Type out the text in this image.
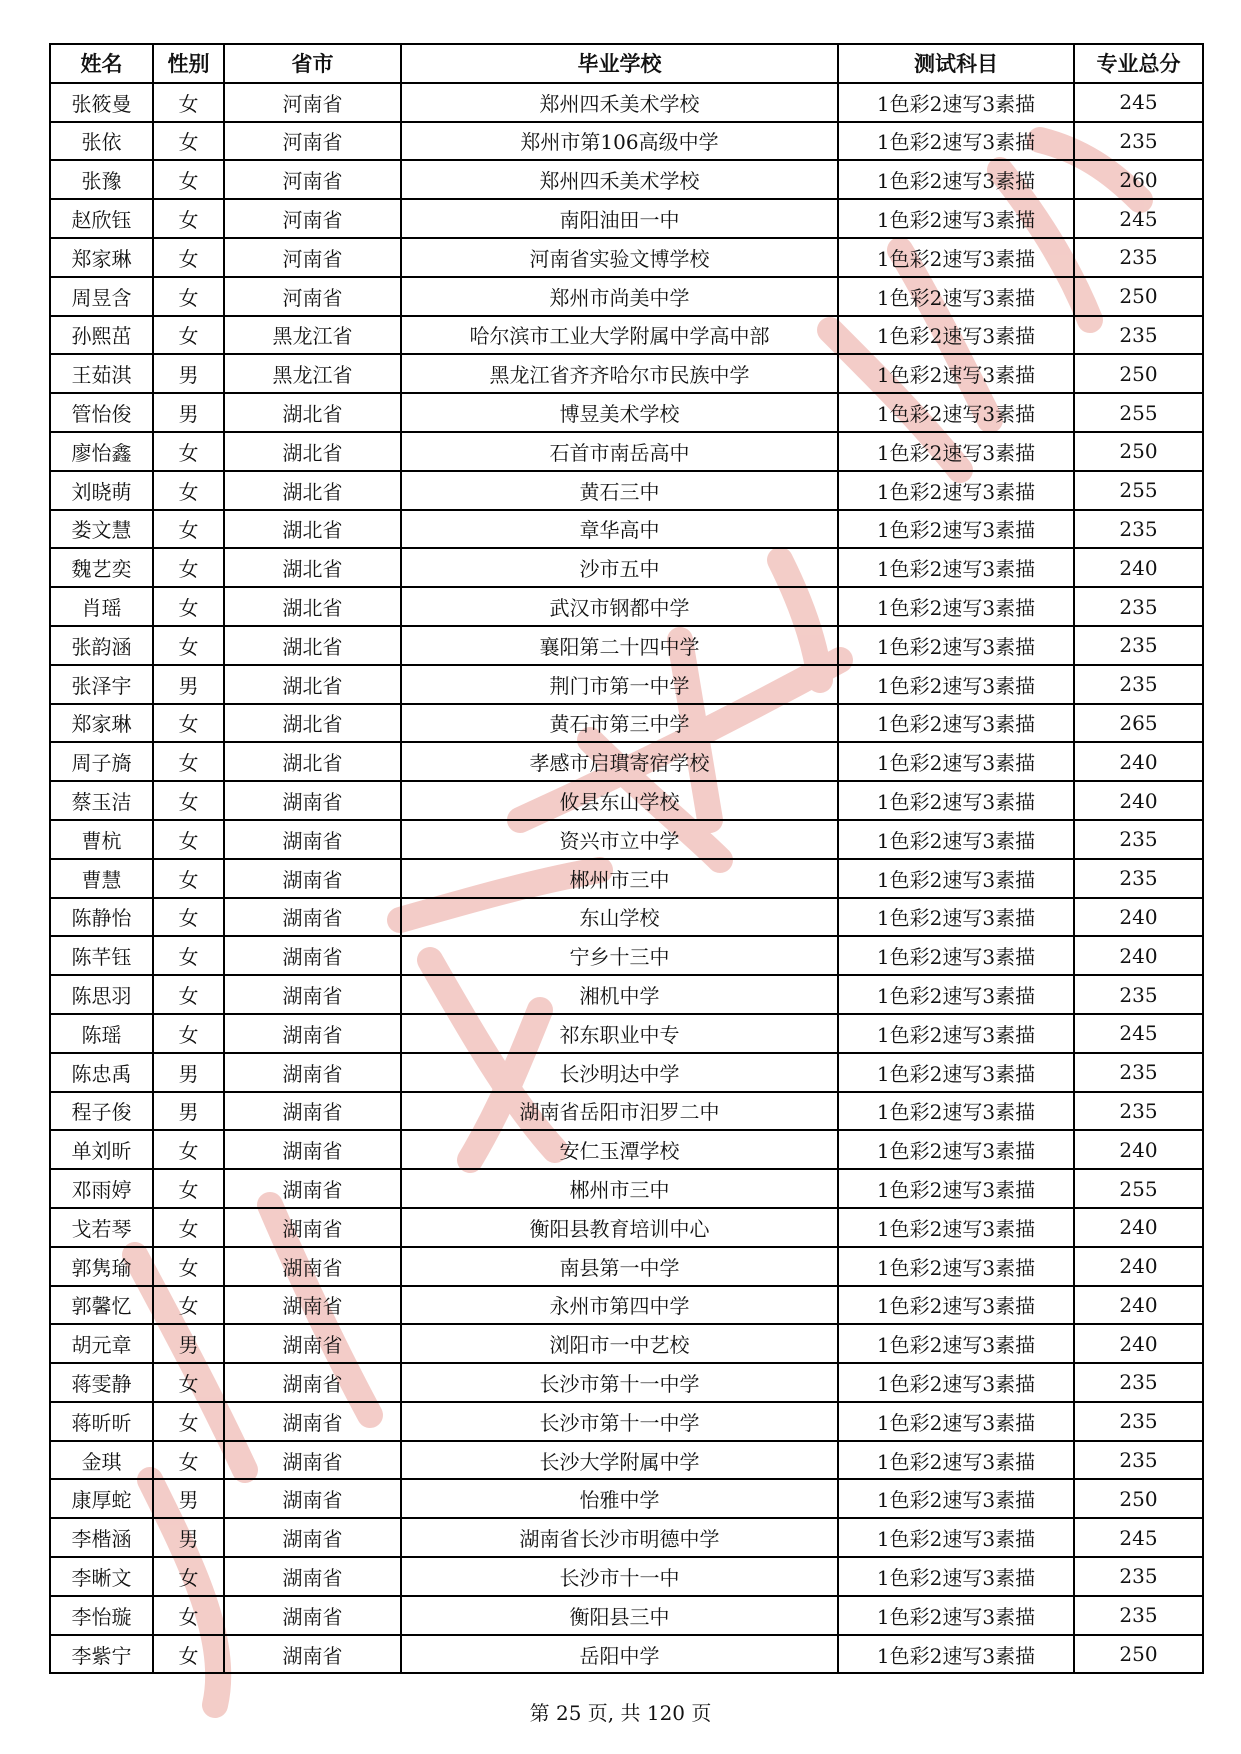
姓名	性别	省市	毕业学校	测试科目	专业总分
张筱曼	女	河南省	郑州四禾美术学校	1色彩2速写3素描	245
张依	女	河南省	郑州市第106高级中学	1色彩2速写3素描	235
张豫	女	河南省	郑州四禾美术学校	1色彩2速写3素描	260
赵欣钰	女	河南省	南阳油田一中	1色彩2速写3素描	245
郑家琳	女	河南省	河南省实验文博学校	1色彩2速写3素描	235
周昱含	女	河南省	郑州市尚美中学	1色彩2速写3素描	250
孙熙茁	女	黑龙江省	哈尔滨市工业大学附属中学高中部	1色彩2速写3素描	235
王茹淇	男	黑龙江省	黑龙江省齐齐哈尔市民族中学	1色彩2速写3素描	250
管怡俊	男	湖北省	博昱美术学校	1色彩2速写3素描	255
廖怡鑫	女	湖北省	石首市南岳高中	1色彩2速写3素描	250
刘晓萌	女	湖北省	黄石三中	1色彩2速写3素描	255
娄文慧	女	湖北省	章华高中	1色彩2速写3素描	235
魏艺奕	女	湖北省	沙市五中	1色彩2速写3素描	240
肖瑶	女	湖北省	武汉市钢都中学	1色彩2速写3素描	235
张韵涵	女	湖北省	襄阳第二十四中学	1色彩2速写3素描	235
张泽宇	男	湖北省	荆门市第一中学	1色彩2速写3素描	235
郑家琳	女	湖北省	黄石市第三中学	1色彩2速写3素描	265
周子旖	女	湖北省	孝感市启瑻寄宿学校	1色彩2速写3素描	240
蔡玉洁	女	湖南省	攸县东山学校	1色彩2速写3素描	240
曹杭	女	湖南省	资兴市立中学	1色彩2速写3素描	235
曹慧	女	湖南省	郴州市三中	1色彩2速写3素描	235
陈静怡	女	湖南省	东山学校	1色彩2速写3素描	240
陈芊钰	女	湖南省	宁乡十三中	1色彩2速写3素描	240
陈思羽	女	湖南省	湘机中学	1色彩2速写3素描	235
陈瑶	女	湖南省	祁东职业中专	1色彩2速写3素描	245
陈忠禹	男	湖南省	长沙明达中学	1色彩2速写3素描	235
程子俊	男	湖南省	湖南省岳阳市汨罗二中	1色彩2速写3素描	235
单刘昕	女	湖南省	安仁玉潭学校	1色彩2速写3素描	240
邓雨婷	女	湖南省	郴州市三中	1色彩2速写3素描	255
戈若琴	女	湖南省	衡阳县教育培训中心	1色彩2速写3素描	240
郭隽瑜	女	湖南省	南县第一中学	1色彩2速写3素描	240
郭馨忆	女	湖南省	永州市第四中学	1色彩2速写3素描	240
胡元章	男	湖南省	浏阳市一中艺校	1色彩2速写3素描	240
蒋雯静	女	湖南省	长沙市第十一中学	1色彩2速写3素描	235
蒋昕昕	女	湖南省	长沙市第十一中学	1色彩2速写3素描	235
金琪	女	湖南省	长沙大学附属中学	1色彩2速写3素描	235
康厚蛇	男	湖南省	怡雅中学	1色彩2速写3素描	250
李楷涵	男	湖南省	湖南省长沙市明德中学	1色彩2速写3素描	245
李晰文	女	湖南省	长沙市十一中	1色彩2速写3素描	235
李怡璇	女	湖南省	衡阳县三中	1色彩2速写3素描	235
李紫宁	女	湖南省	岳阳中学	1色彩2速写3素描	250
第 25 页, 共 120 页
